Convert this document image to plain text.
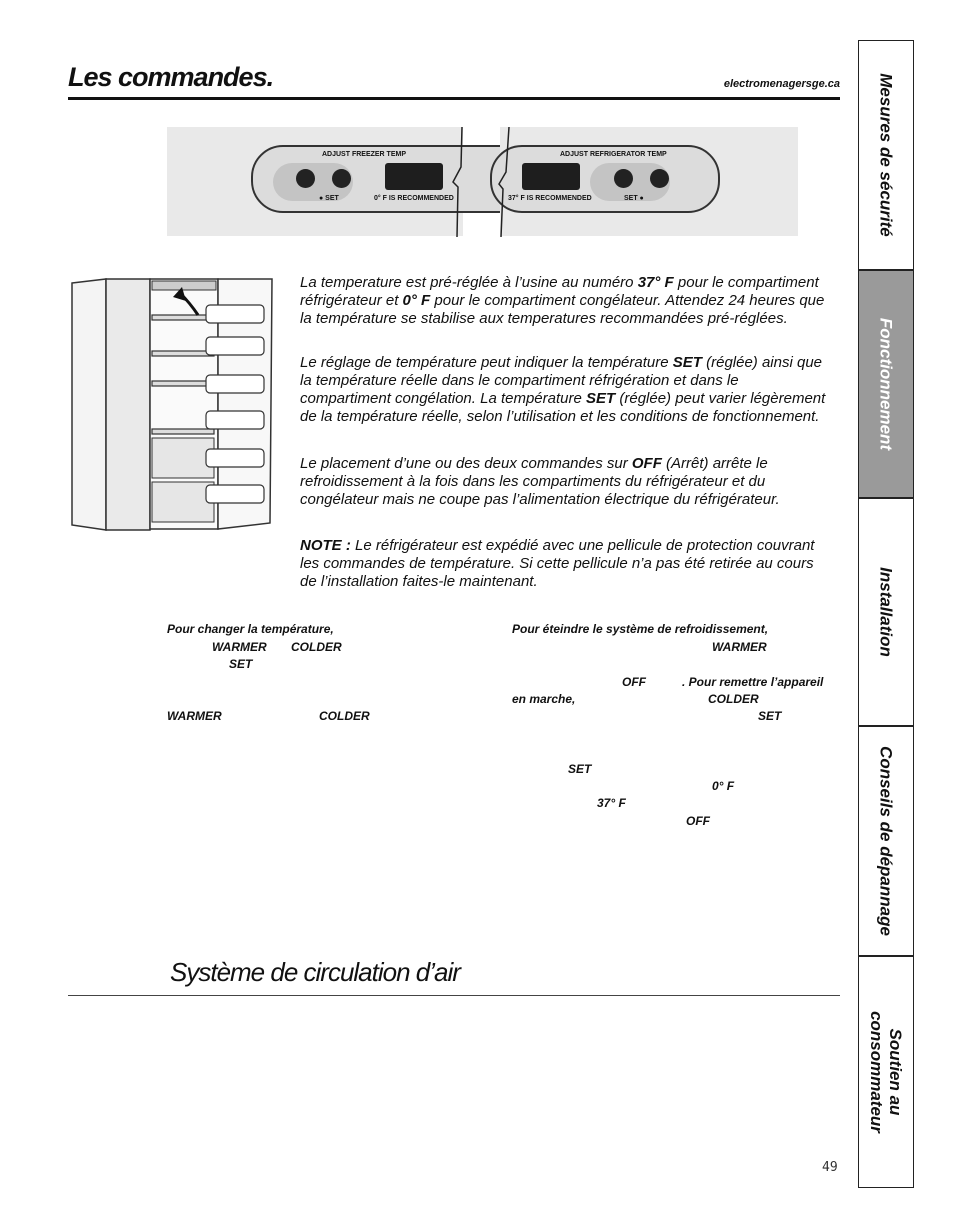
Les commandes.	electromenagersge.ca
ADJUST FREEZER TEMP
● SET	0° F IS RECOMMENDED
ADJUST REFRIGERATOR TEMP
37° F IS RECOMMENDED	SET ●

La temperature est pré-réglée à l’usine au numéro 37° F pour le compartiment réfrigérateur et 0° F pour le compartiment congélateur. Attendez 24 heures que la température se stabilise aux temperatures recommandées pré-réglées.

Le réglage de température peut indiquer la température SET (réglée) ainsi que la température réelle dans le compartiment réfrigération et dans le compartiment congélation. La température SET (réglée) peut varier légèrement de la température réelle, selon l’utilisation et les conditions de fonctionnement.

Le placement d’une ou des deux commandes sur OFF (Arrêt) arrête le refroidissement à la fois dans les compartiments du réfrigérateur et du congélateur mais ne coupe pas l’alimentation électrique du réfrigérateur.

NOTE : Le réfrigérateur est expédié avec une pellicule de protection couvrant les commandes de température. Si cette pellicule n’a pas été retirée au cours de l’installation faites-le maintenant.

Pour changer la température,
WARMER COLDER
SET
WARMER	COLDER
Pour éteindre le système de refroidissement,
WARMER
OFF	. Pour remettre l’appareil
en marche,	COLDER
SET
SET
0° F
37° F
OFF
Système de circulation d’air
49
Mesures de sécurité
Fonctionnement
Installation
Conseils de dépannage
Soutien au consommateur
